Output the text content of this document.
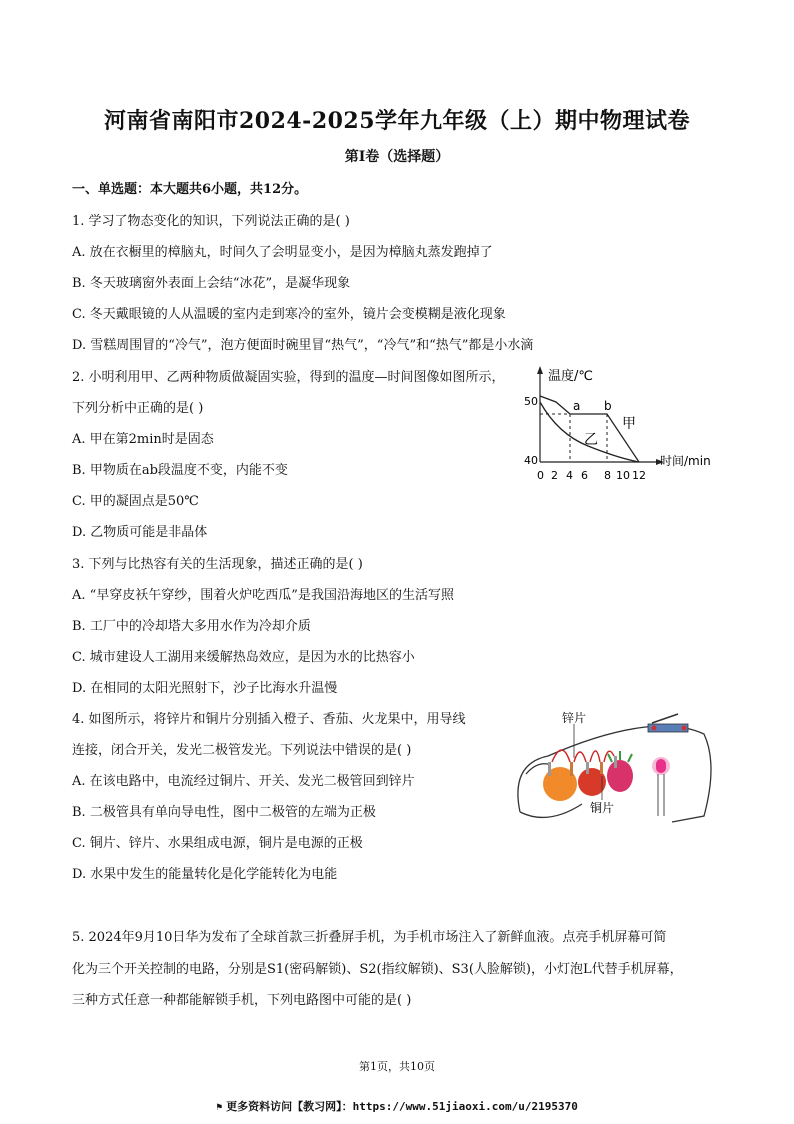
河南省南阳市2024-2025学年九年级（上）期中物理试卷
第I卷（选择题）
一、单选题：本大题共6小题，共12分。
1. 学习了物态变化的知识，下列说法正确的是( )
A. 放在衣橱里的樟脑丸，时间久了会明显变小，是因为樟脑丸蒸发跑掉了
B. 冬天玻璃窗外表面上会结“冰花”，是凝华现象
C. 冬天戴眼镜的人从温暖的室内走到寒冷的室外，镜片会变模糊是液化现象
D. 雪糕周围冒的“冷气”，泡方便面时碗里冒“热气”，“冷气”和“热气”都是小水滴
2. 小明利用甲、乙两种物质做凝固实验，得到的温度—时间图像如图所示，
下列分析中正确的是( )
A. 甲在第2min时是固态
B. 甲物质在ab段温度不变，内能不变
C. 甲的凝固点是50℃
D. 乙物质可能是非晶体
温度/℃
时间/min
50
40
0 2 4 6 8 10 12
a b
甲
乙
3. 下列与比热容有关的生活现象，描述正确的是( )
A. “早穿皮袄午穿纱，围着火炉吃西瓜”是我国沿海地区的生活写照
B. 工厂中的冷却塔大多用水作为冷却介质
C. 城市建设人工湖用来缓解热岛效应，是因为水的比热容小
D. 在相同的太阳光照射下，沙子比海水升温慢
4. 如图所示，将锌片和铜片分别插入橙子、香茄、火龙果中，用导线
连接，闭合开关，发光二极管发光。下列说法中错误的是( )
A. 在该电路中，电流经过铜片、开关、发光二极管回到锌片
B. 二极管具有单向导电性，图中二极管的左端为正极
C. 铜片、锌片、水果组成电源，铜片是电源的正极
D. 水果中发生的能量转化是化学能转化为电能
锌片
铜片
5. 2024年9月10日华为发布了全球首款三折叠屏手机，为手机市场注入了新鲜血液。点亮手机屏幕可简
化为三个开关控制的电路，分别是S1(密码解锁)、S2(指纹解锁)、S3(人脸解锁)，小灯泡L代替手机屏幕，
三种方式任意一种都能解锁手机，下列电路图中可能的是( )
第1页，共10页
⚑ 更多资料访问【教习网】：https://www.51jiaoxi.com/u/2195370
